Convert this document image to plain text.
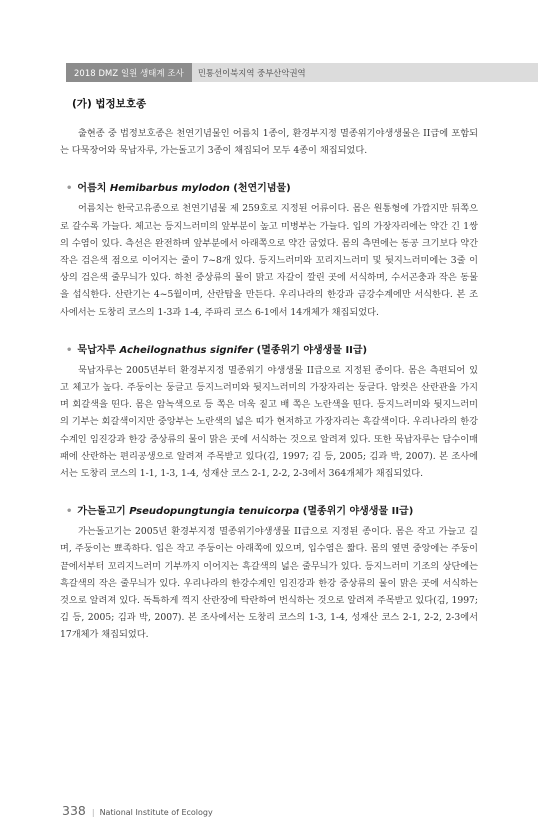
2018 DMZ 일원 생태계 조사	민통선이북지역 중부산악권역
(가) 법정보호종

출현종 중 법정보호종은 천연기념물인 어름치 1종이, 환경부지정 멸종위기야생생물은 II급에 포함되는 다묵장어와 묵납자루, 가는돌고기 3종이 채집되어 모두 4종이 채집되었다.

• 어름치 Hemibarbus mylodon (천연기념물)

어름치는 한국고유종으로 천연기념물 제 259호로 지정된 어류이다. 몸은 원통형에 가깝지만 뒤쪽으로 갈수록 가늘다. 체고는 등지느러미의 앞부분이 높고 미병부는 가늘다. 입의 가장자리에는 약간 긴 1쌍의 수염이 있다. 측선은 완전하며 앞부분에서 아래쪽으로 약간 굽었다. 몸의 측면에는 동공 크기보다 약간 작은 검은색 점으로 이어지는 줄이 7~8개 있다. 등지느러미와 꼬리지느러미 및 뒷지느러미에는 3줄 이상의 검은색 줄무늬가 있다. 하천 중상류의 물이 맑고 자갈이 깔린 곳에 서식하며, 수서곤충과 작은 동물을 섭식한다. 산란기는 4~5월이며, 산란탑을 만든다. 우리나라의 한강과 금강수계에만 서식한다. 본 조사에서는 도창리 코스의 1-3과 1-4, 주파리 코스 6-1에서 14개체가 채집되었다.

• 묵납자루 Acheilognathus signifer (멸종위기 야생생물 II급)

묵납자루는 2005년부터 환경부지정 멸종위기 야생생물 II급으로 지정된 종이다. 몸은 측편되어 있고 체고가 높다. 주둥이는 둥글고 등지느러미와 뒷지느러미의 가장자리는 둥글다. 암컷은 산란관을 가지며 회갈색을 띤다. 몸은 암녹색으로 등 쪽은 더욱 짙고 배 쪽은 노란색을 띤다. 등지느러미와 뒷지느러미의 기부는 회갈색이지만 중앙부는 노란색의 넓은 띠가 현저하고 가장자리는 흑갈색이다. 우리나라의 한강수계인 임진강과 한강 중상류의 물이 맑은 곳에 서식하는 것으로 알려져 있다. 또한 묵납자루는 담수이매패에 산란하는 편리공생으로 알려져 주목받고 있다(김, 1997; 김 등, 2005; 김과 박, 2007). 본 조사에서는 도창리 코스의 1-1, 1-3, 1-4, 성재산 코스 2-1, 2-2, 2-3에서 364개체가 채집되었다.

• 가는돌고기 Pseudopungtungia tenuicorpa (멸종위기 야생생물 II급)

가는돌고기는 2005년 환경부지정 멸종위기야생생물 II급으로 지정된 종이다. 몸은 작고 가늘고 길며, 주둥이는 뾰족하다. 입은 작고 주둥이는 아래쪽에 있으며, 입수염은 짧다. 몸의 옆면 중앙에는 주둥이 끝에서부터 꼬리지느러미 기부까지 이어지는 흑갈색의 넓은 줄무늬가 있다. 등지느러미 기조의 상단에는 흑갈색의 작은 줄무늬가 있다. 우리나라의 한강수계인 임진강과 한강 중상류의 물이 맑은 곳에 서식하는 것으로 알려져 있다. 독특하게 꺽지 산란장에 탁란하여 번식하는 것으로 알려져 주목받고 있다(김, 1997; 김 등, 2005; 김과 박, 2007). 본 조사에서는 도창리 코스의 1-3, 1-4, 성재산 코스 2-1, 2-2, 2-3에서 17개체가 채집되었다.

338 | National Institute of Ecology
